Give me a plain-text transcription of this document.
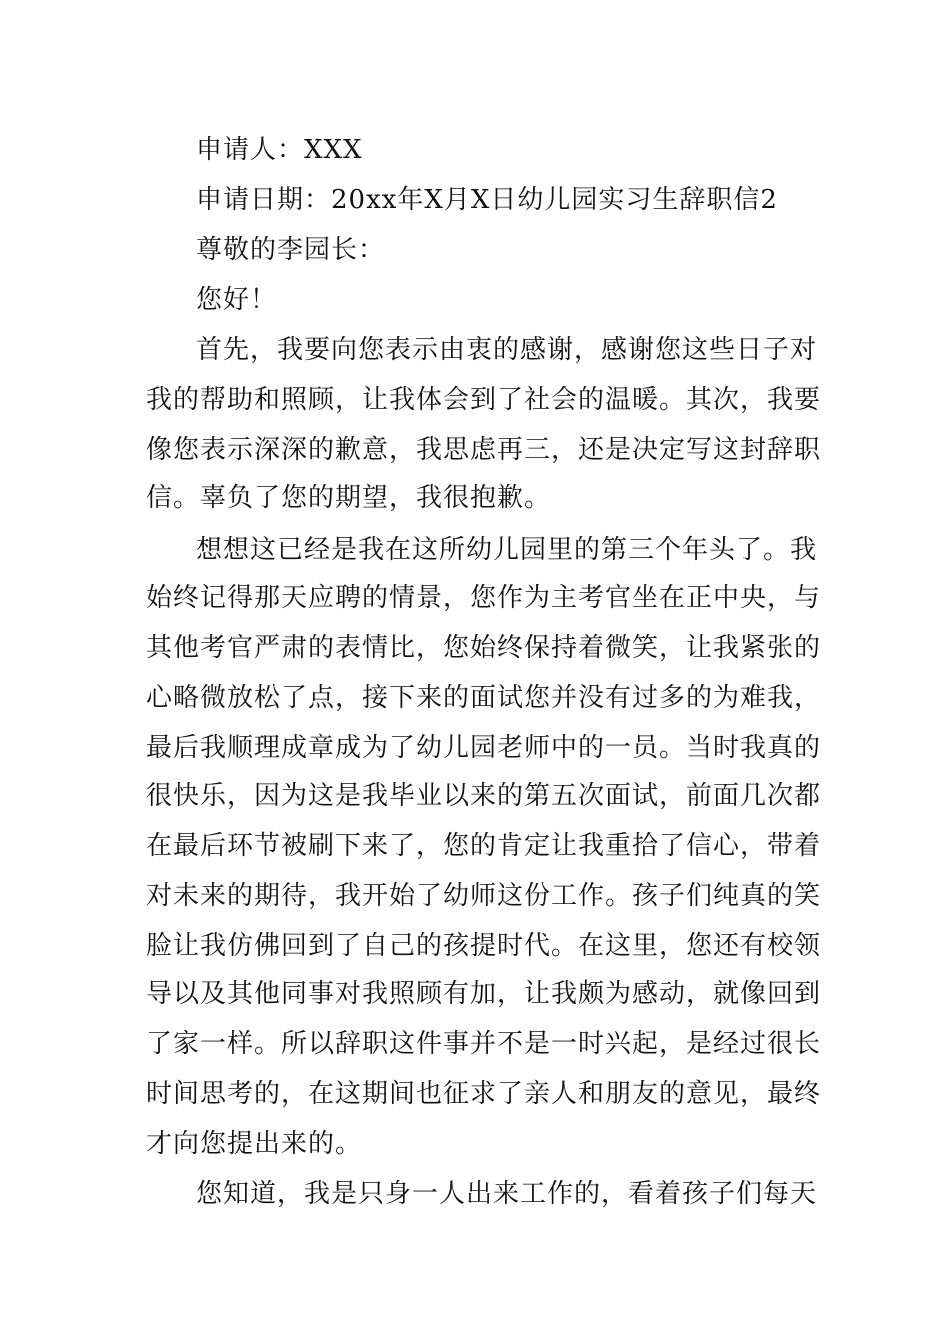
申请人：XXX
申请日期：20xx年X月X日幼儿园实习生辞职信2
尊敬的李园长：
您好！
首先，我要向您表示由衷的感谢，感谢您这些日子对
我的帮助和照顾，让我体会到了社会的温暖。其次，我要
像您表示深深的歉意，我思虑再三，还是决定写这封辞职
信。辜负了您的期望，我很抱歉。
想想这已经是我在这所幼儿园里的第三个年头了。我
始终记得那天应聘的情景，您作为主考官坐在正中央，与
其他考官严肃的表情比，您始终保持着微笑，让我紧张的
心略微放松了点，接下来的面试您并没有过多的为难我，
最后我顺理成章成为了幼儿园老师中的一员。当时我真的
很快乐，因为这是我毕业以来的第五次面试，前面几次都
在最后环节被刷下来了，您的肯定让我重拾了信心，带着
对未来的期待，我开始了幼师这份工作。孩子们纯真的笑
脸让我仿佛回到了自己的孩提时代。在这里，您还有校领
导以及其他同事对我照顾有加，让我颇为感动，就像回到
了家一样。所以辞职这件事并不是一时兴起，是经过很长
时间思考的，在这期间也征求了亲人和朋友的意见，最终
才向您提出来的。
您知道，我是只身一人出来工作的，看着孩子们每天
